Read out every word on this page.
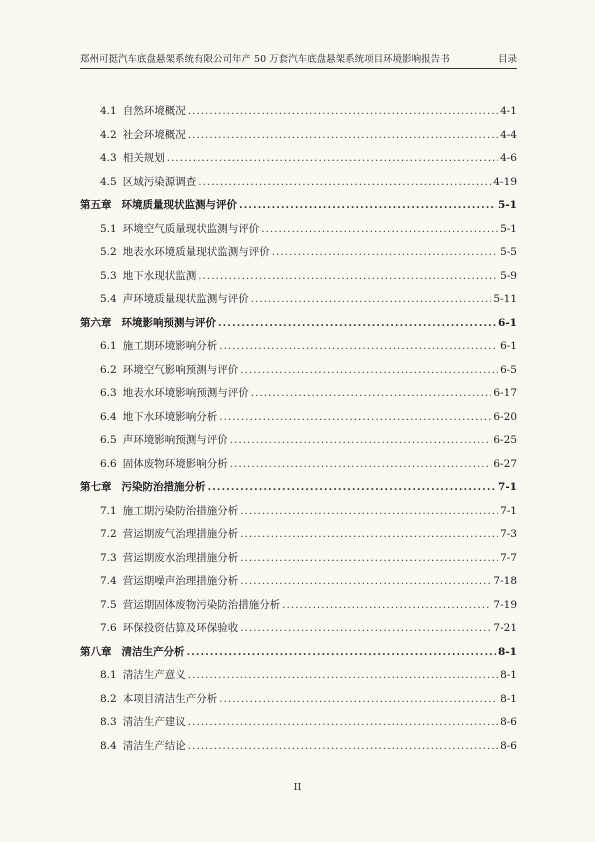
郑州可挺汽车底盘悬架系统有限公司年产 50 万套汽车底盘悬架系统项目环境影响报告书	目录
4.1 自然环境概况 .....	4-1
4.2 社会环境概况 .....	4-4
4.3 相关规划 .....	4-6
4.5 区域污染源调查 .....	4-19
第五章 环境质量现状监测与评价 .....	5-1
5.1 环境空气质量现状监测与评价 .....	5-1
5.2 地表水环境质量现状监测与评价 .....	5-5
5.3 地下水现状监测 .....	5-9
5.4 声环境质量现状监测与评价 .....	5-11
第六章 环境影响预测与评价 .....	6-1
6.1 施工期环境影响分析 .....	6-1
6.2 环境空气影响预测与评价 .....	6-5
6.3 地表水环境影响预测与评价 .....	6-17
6.4 地下水环境影响分析 .....	6-20
6.5 声环境影响预测与评价 .....	6-25
6.6 固体废物环境影响分析 .....	6-27
第七章 污染防治措施分析 .....	7-1
7.1 施工期污染防治措施分析 .....	7-1
7.2 营运期废气治理措施分析 .....	7-3
7.3 营运期废水治理措施分析 .....	7-7
7.4 营运期噪声治理措施分析 .....	7-18
7.5 营运期固体废物污染防治措施分析 .....	7-19
7.6 环保投资估算及环保验收 .....	7-21
第八章 清洁生产分析 .....	8-1
8.1 清洁生产意义 .....	8-1
8.2 本项目清洁生产分析 .....	8-1
8.3 清洁生产建议 .....	8-6
8.4 清洁生产结论 .....	8-6
II
